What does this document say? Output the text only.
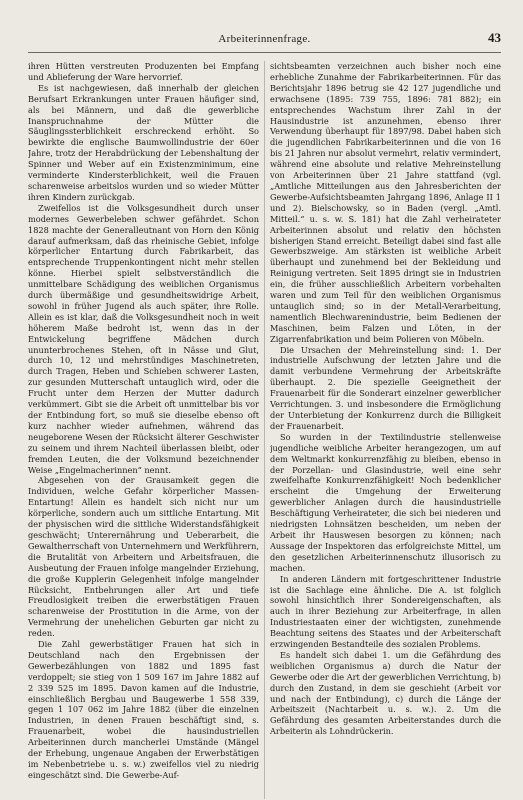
Arbeiterinnenfrage.	43

ihren Hütten verstreuten Produzenten bei Empfang und Ablieferung der Ware hervorrief.

Es ist nachgewiesen, daß innerhalb der gleichen Berufsart Erkrankungen unter Frauen häufiger sind, als bei Männern, und daß die gewerbliche Inanspruchnahme der Mütter die Säuglingssterblichkeit erschreckend erhöht. So bewirkte die englische Baumwollindustrie der 60er Jahre, trotz der Herabdrückung der Lebenshaltung der Spinner und Weber auf ein Existenzminimum, eine verminderte Kindersterblichkeit, weil die Frauen scharenweise arbeitslos wurden und so wieder Mütter ihren Kindern zurückgab.

Zweifellos ist die Volksgesundheit durch unser modernes Gewerbeleben schwer gefährdet. Schon 1828 machte der Generalleutnant von Horn den König darauf aufmerksam, daß das rheinische Gebiet, infolge körperlicher Entartung durch Fabrikarbeit, das entsprechende Truppenkontingent nicht mehr stellen könne. Hierbei spielt selbstverständlich die unmittelbare Schädigung des weiblichen Organismus durch übermäßige und gesundheitswidrige Arbeit, sowohl in früher Jugend als auch später, ihre Rolle. Allein es ist klar, daß die Volksgesundheit noch in weit höherem Maße bedroht ist, wenn das in der Entwickelung begriffene Mädchen durch ununterbrochenes Stehen, oft in Nässe und Glut, durch 10, 12 und mehrstündiges Maschinetreten, durch Tragen, Heben und Schieben schwerer Lasten, zur gesunden Mutterschaft untauglich wird, oder die Frucht unter dem Herzen der Mutter dadurch verkümmert. Gibt sie die Arbeit oft unmittelbar bis vor der Entbindung fort, so muß sie dieselbe ebenso oft kurz nachher wieder aufnehmen, während das neugeborene Wesen der Rücksicht älterer Geschwister zu seinem und ihrem Nachteil überlassen bleibt, oder fremden Leuten, die der Volksmund bezeichnender Weise „Engelmacherinnen“ nennt.

Abgesehen von der Grausamkeit gegen die Individuen, welche Gefahr körperlicher Massen-Entartung! Allein es handelt sich nicht nur um körperliche, sondern auch um sittliche Entartung. Mit der physischen wird die sittliche Widerstandsfähigkeit geschwächt; Unterernährung und Ueberarbeit, die Gewaltherrschaft von Unternehmern und Werkführern, die Brutalität von Arbeitern und Arbeitsfrauen, die Ausbeutung der Frauen infolge mangelnder Erziehung, die große Kupplerin Gelegenheit infolge mangelnder Rücksicht, Entbehrungen aller Art und tiefe Freudlosigkeit treiben die erwerbstätigen Frauen scharenweise der Prostitution in die Arme, von der Vermehrung der unehelichen Geburten gar nicht zu reden.

Die Zahl gewerbstätiger Frauen hat sich in Deutschland nach den Ergebnissen der Gewerbezählungen von 1882 und 1895 fast verdoppelt; sie stieg von 1 509 167 im Jahre 1882 auf 2 339 525 im 1895. Davon kamen auf die Industrie, einschließlich Bergbau und Baugewerbe 1 558 339, gegen 1 107 062 im Jahre 1882 (über die einzelnen Industrien, in denen Frauen beschäftigt sind, s. Frauenarbeit, wobei die hausindustriellen Arbeiterinnen durch mancherlei Umstände (Mängel der Erhebung, ungenaue Angaben der Erwerbstätigen im Nebenbetriebe u. s. w.) zweifellos viel zu niedrig eingeschätzt sind. Die Gewerbe-Auf-

sichtsbeamten verzeichnen auch bisher noch eine erhebliche Zunahme der Fabrikarbeiterinnen. Für das Berichtsjahr 1896 betrug sie 42 127 jugendliche und erwachsene (1895: 739 755, 1896: 781 882); ein entsprechendes Wachstum ihrer Zahl in der Hausindustrie ist anzunehmen, ebenso ihrer Verwendung überhaupt für 1897/98. Dabei haben sich die jugendlichen Fabrikarbeiterinnen und die von 16 bis 21 Jahren nur absolut vermehrt, relativ vermindert, während eine absolute und relative Mehreinstellung von Arbeiterinnen über 21 Jahre stattfand (vgl. „Amtliche Mitteilungen aus den Jahresberichten der Gewerbe-Aufsichtsbeamten Jahrgang 1896, Anlage II 1 und 2). Bielschowsky, so in Baden (vergl. „Amtl. Mitteil.“ u. s. w. S. 181) hat die Zahl verheirateter Arbeiterinnen absolut und relativ den höchsten bisherigen Stand erreicht. Beteiligt dabei sind fast alle Gewerbszweige. Am stärksten ist weibliche Arbeit überhaupt und zunehmend bei der Bekleidung und Reinigung vertreten. Seit 1895 dringt sie in Industrien ein, die früher ausschließlich Arbeitern vorbehalten waren und zum Teil für den weiblichen Organismus untauglich sind; so in der Metall-Verarbeitung, namentlich Blechwarenindustrie, beim Bedienen der Maschinen, beim Falzen und Löten, in der Zigarrenfabrikation und beim Polieren von Möbeln.

Die Ursachen der Mehreinstellung sind: 1. Der industrielle Aufschwung der letzten Jahre und die damit verbundene Vermehrung der Arbeitskräfte überhaupt. 2. Die spezielle Geeignetheit der Frauenarbeit für die Sonderart einzelner gewerblicher Verrichtungen. 3. und insbesondere die Ermöglichung der Unterbietung der Konkurrenz durch die Billigkeit der Frauenarbeit.

So wurden in der Textilindustrie stellenweise jugendliche weibliche Arbeiter herangezogen, um auf dem Weltmarkt konkurrenzfähig zu bleiben, ebenso in der Porzellan- und Glasindustrie, weil eine sehr zweifelhafte Konkurrenzfähigkeit! Noch bedenklicher erscheint die Umgehung der Erweiterung gewerblicher Anlagen durch die hausindustrielle Beschäftigung Verheirateter, die sich bei niederen und niedrigsten Lohnsätzen bescheiden, um neben der Arbeit ihr Hauswesen besorgen zu können; nach Aussage der Inspektoren das erfolgreichste Mittel, um den gesetzlichen Arbeiterinnenschutz illusorisch zu machen.

In anderen Ländern mit fortgeschrittener Industrie ist die Sachlage eine ähnliche. Die A. ist folglich sowohl hinsichtlich ihrer Sondereigenschaften, als auch in ihrer Beziehung zur Arbeiterfrage, in allen Industriestaaten einer der wichtigsten, zunehmende Beachtung seitens des Staates und der Arbeiterschaft erzwingenden Bestandteile des sozialen Problems.

Es handelt sich dabei 1. um die Gefährdung des weiblichen Organismus a) durch die Natur der Gewerbe oder die Art der gewerblichen Verrichtung, b) durch den Zustand, in dem sie geschieht (Arbeit vor und nach der Entbindung), c) durch die Länge der Arbeitszeit (Nachtarbeit u. s. w.). 2. Um die Gefährdung des gesamten Arbeiterstandes durch die Arbeiterin als Lohndrückerin.
